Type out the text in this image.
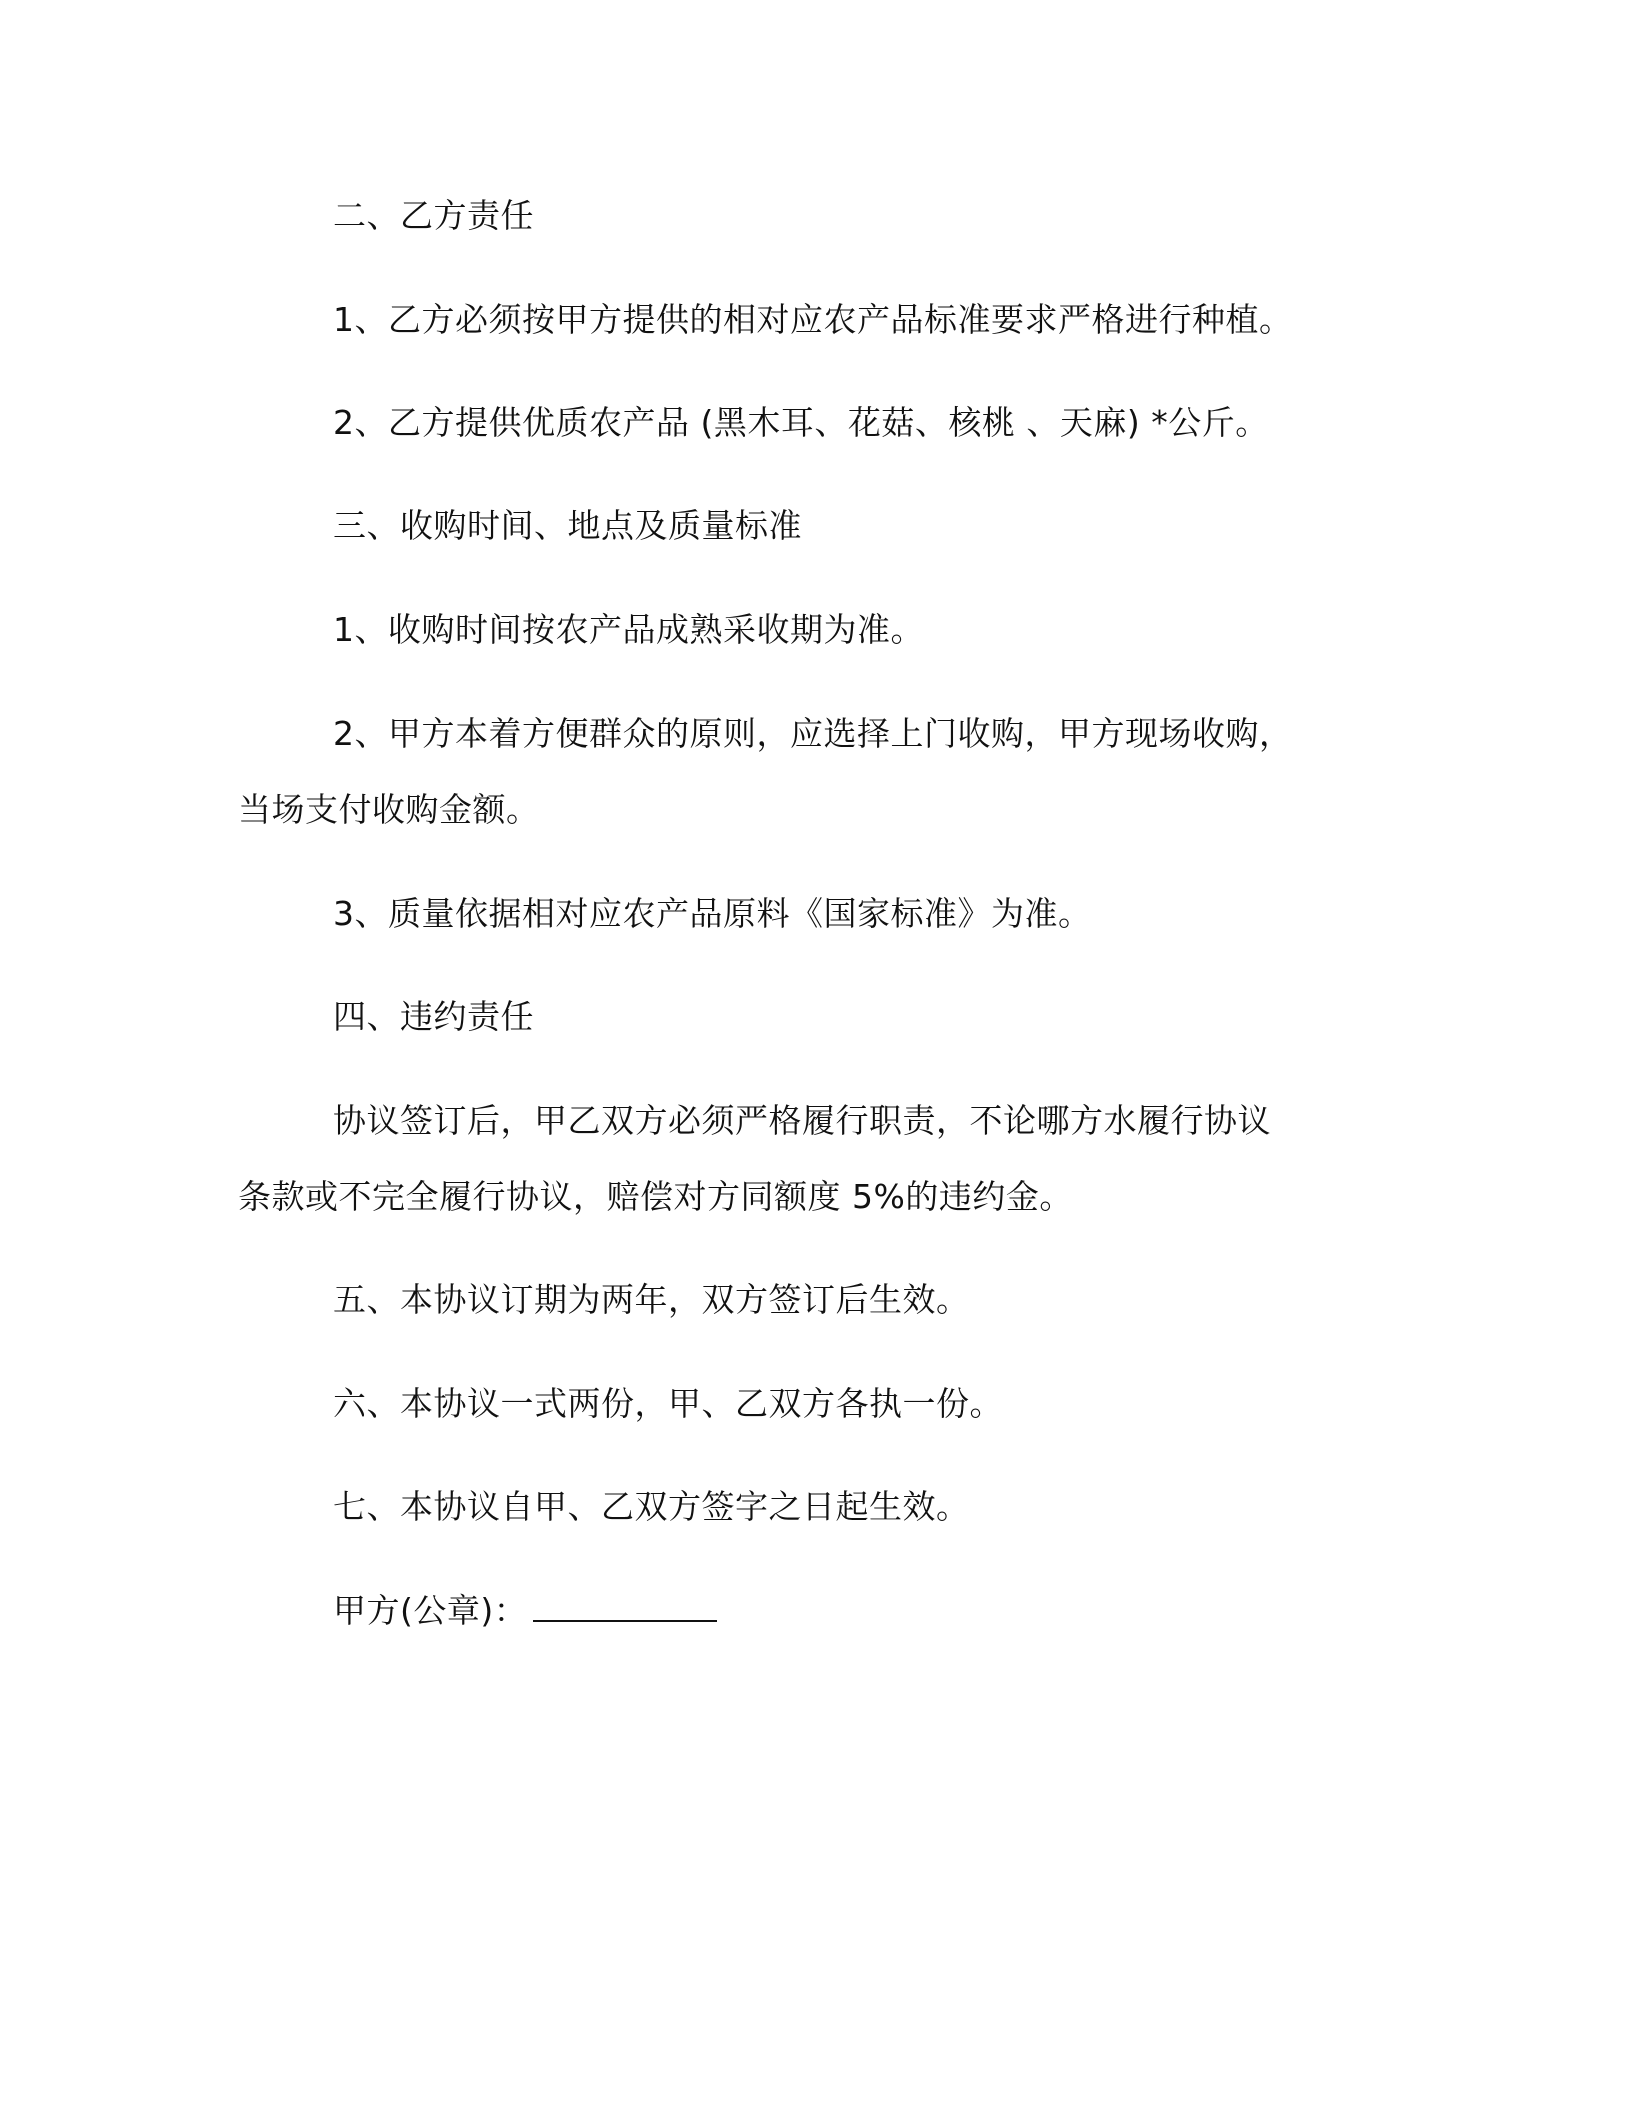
二、乙方责任
1、乙方必须按甲方提供的相对应农产品标准要求严格进行种植。
2、乙方提供优质农产品 (黑木耳、花菇、核桃 、天麻) *公斤。
三、收购时间、地点及质量标准
1、收购时间按农产品成熟采收期为准。
2、甲方本着方便群众的原则，应选择上门收购，甲方现场收购，
当场支付收购金额。
3、质量依据相对应农产品原料《国家标准》为准。
四、违约责任
协议签订后，甲乙双方必须严格履行职责，不论哪方水履行协议
条款或不完全履行协议，赔偿对方同额度 5%的违约金。
五、本协议订期为两年，双方签订后生效。
六、本协议一式两份，甲、乙双方各执一份。
七、本协议自甲、乙双方签字之日起生效。
甲方(公章)：
